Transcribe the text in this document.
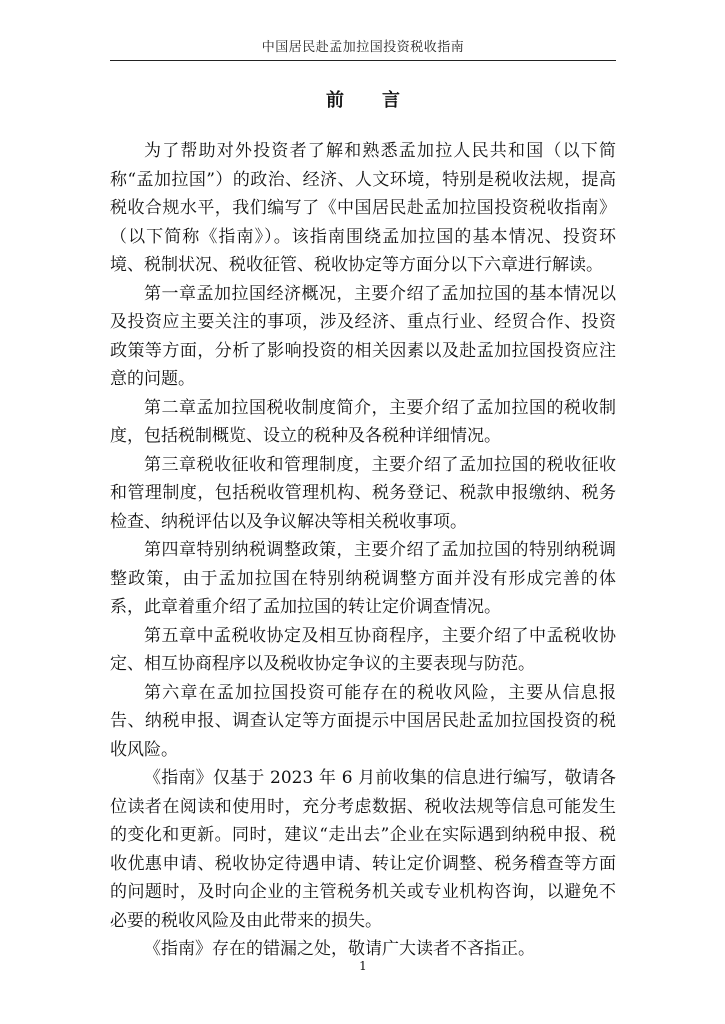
中国居民赴孟加拉国投资税收指南
前言

为了帮助对外投资者了解和熟悉孟加拉人民共和国（以下简称“孟加拉国”）的政治、经济、人文环境，特别是税收法规，提高税收合规水平，我们编写了《中国居民赴孟加拉国投资税收指南》（以下简称《指南》）。该指南围绕孟加拉国的基本情况、投资环境、税制状况、税收征管、税收协定等方面分以下六章进行解读。

第一章孟加拉国经济概况，主要介绍了孟加拉国的基本情况以及投资应主要关注的事项，涉及经济、重点行业、经贸合作、投资政策等方面，分析了影响投资的相关因素以及赴孟加拉国投资应注意的问题。

第二章孟加拉国税收制度简介，主要介绍了孟加拉国的税收制度，包括税制概览、设立的税种及各税种详细情况。

第三章税收征收和管理制度，主要介绍了孟加拉国的税收征收和管理制度，包括税收管理机构、税务登记、税款申报缴纳、税务检查、纳税评估以及争议解决等相关税收事项。

第四章特别纳税调整政策，主要介绍了孟加拉国的特别纳税调整政策，由于孟加拉国在特别纳税调整方面并没有形成完善的体系，此章着重介绍了孟加拉国的转让定价调查情况。

第五章中孟税收协定及相互协商程序，主要介绍了中孟税收协定、相互协商程序以及税收协定争议的主要表现与防范。

第六章在孟加拉国投资可能存在的税收风险，主要从信息报告、纳税申报、调查认定等方面提示中国居民赴孟加拉国投资的税收风险。

《指南》仅基于 2023 年 6 月前收集的信息进行编写，敬请各位读者在阅读和使用时，充分考虑数据、税收法规等信息可能发生的变化和更新。同时，建议“走出去”企业在实际遇到纳税申报、税收优惠申请、税收协定待遇申请、转让定价调整、税务稽查等方面的问题时，及时向企业的主管税务机关或专业机构咨询，以避免不必要的税收风险及由此带来的损失。

《指南》存在的错漏之处，敬请广大读者不吝指正。

1
